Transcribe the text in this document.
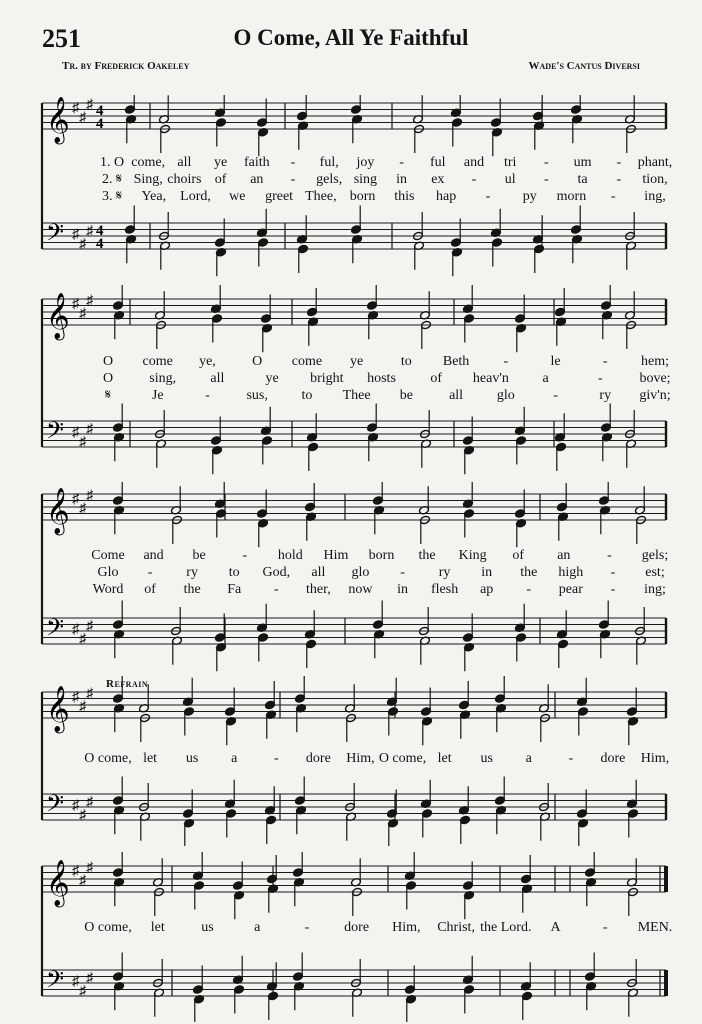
251	O Come, All Ye Faithful
Tr. by Frederick Oakeley	Wade's Cantus Diversi
Refrain
𝄞 ♯
♯
♯ 4
4
𝄢 ♯
♯
♯ 4
4
𝄞 ♯
♯
♯
𝄢 ♯
♯
♯
𝄞 ♯
♯
♯
𝄢 ♯
♯
♯
𝄞 ♯
♯
♯
𝄢 ♯
♯
♯
𝄞 ♯
♯
♯
𝄢 ♯
♯
♯
1. O come, all ye faith - ful, joy - ful and tri - um - phant,
2. 𝄋 Sing, choirs of an - gels, sing in ex - ul - ta - tion,
3. 𝄋 Yea, Lord, we greet Thee, born this hap - py morn - ing,
O come ye,	O come ye	to Beth -	le	- hem;
O	sing, all	ye bright hosts of heav'n a	-	bove;
𝄋	Je	-	sus, to Thee be	all glo	-	ry giv'n;
Come and be	- hold Him born the King of an	- gels;
Glo - ry to God, all glo - ry in the high - est;
Word of the Fa - ther, now in flesh ap - pear - ing;
O come, let us a	- dore Him, O come, let us a	- dore Him,
O come, let	us	a	- dore Him, Christ, the Lord. A	- MEN.
